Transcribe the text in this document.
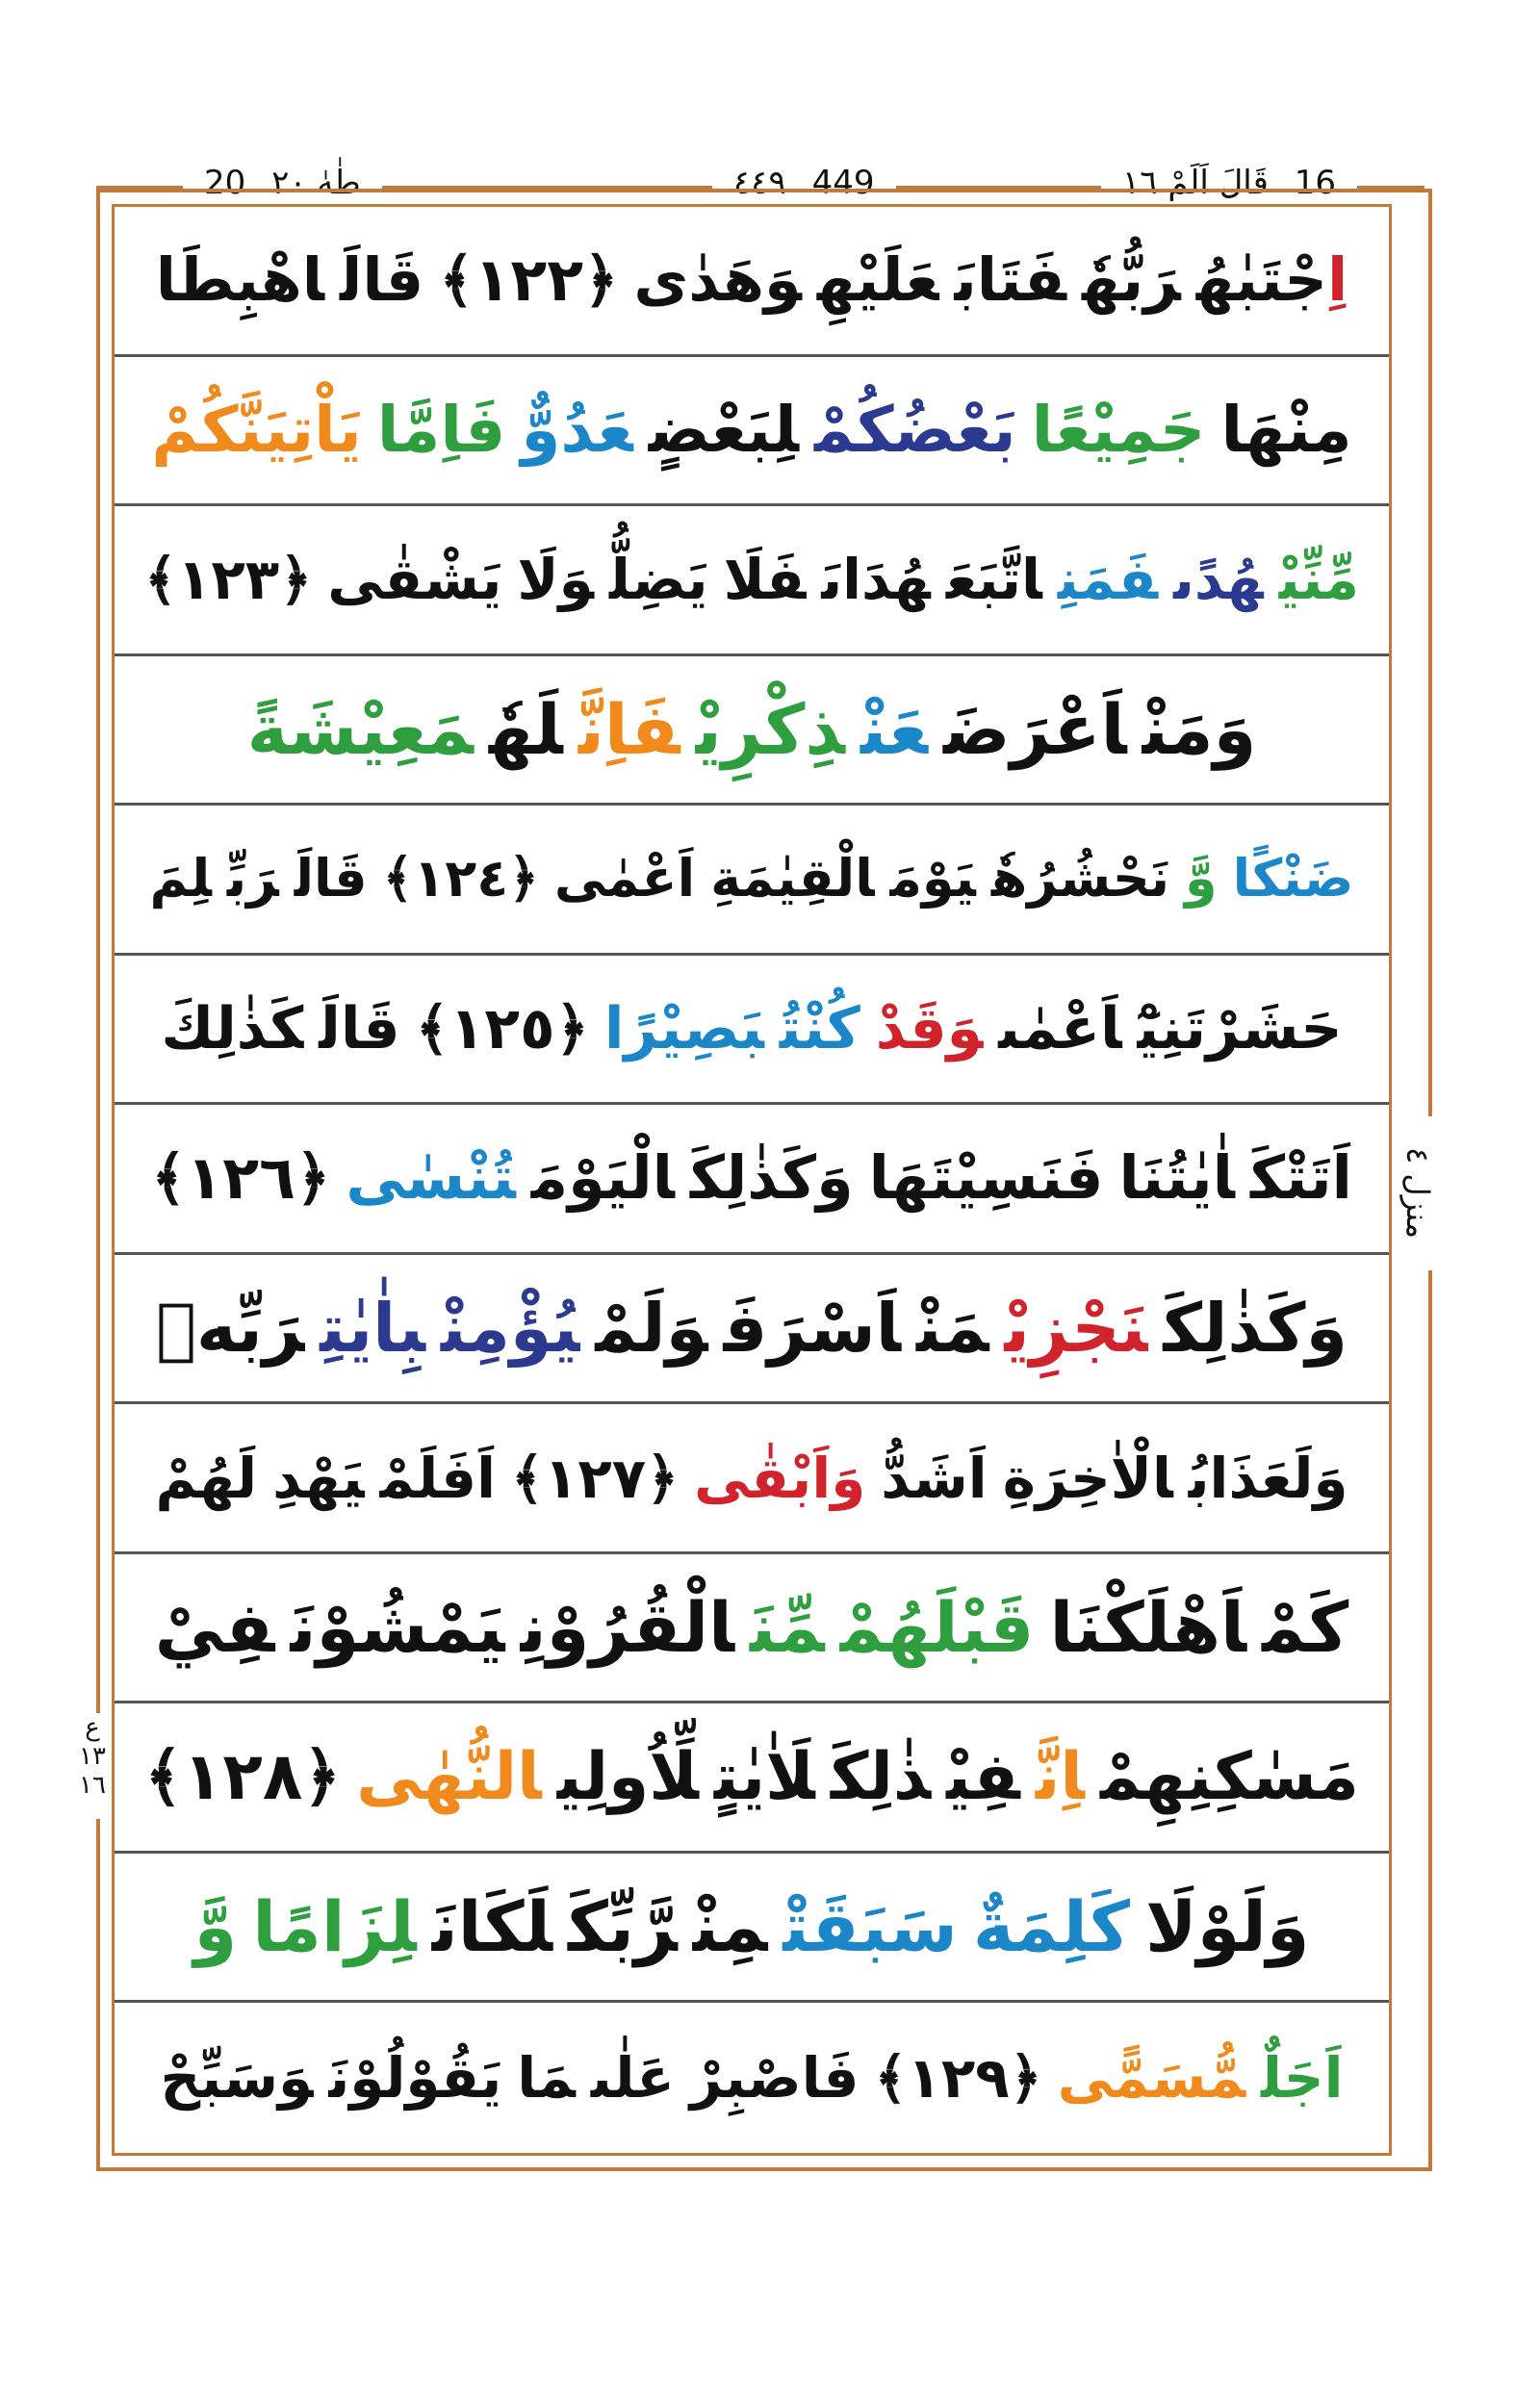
طٰهٰ ٢٠ 20	٤٤٩ 449	16 قَالَ اَلَمْ ١٦
اِجْتَبٰهُرَبُّهٗفَتَابَعَلَيْهِوَهَدٰى﴿١٢٢﴾قَالَاهْبِطَا
مِنْهَاجَمِيْعًابَعْضُكُمْلِبَعْضٍعَدُوٌّفَاِمَّايَاْتِيَنَّكُمْ
مِّنِّيْهُدًىفَمَنِاتَّبَعَهُدَاىَفَلَايَضِلُّوَلَايَشْقٰى﴿١٢٣﴾
وَمَنْاَعْرَضَعَنْذِكْرِيْفَاِنَّلَهٗمَعِيْشَةً
ضَنْكًاوَّنَحْشُرُهٗيَوْمَالْقِيٰمَةِاَعْمٰى﴿١٢٤﴾قَالَرَبِّلِمَ
حَشَرْتَنِيْٓاَعْمٰىوَقَدْكُنْتُبَصِيْرًا﴿١٢٥﴾قَالَكَذٰلِكَ
اَتَتْكَاٰيٰتُنَافَنَسِيْتَهَاوَكَذٰلِكَالْيَوْمَتُنْسٰى﴿١٢٦﴾
وَكَذٰلِكَنَجْزِيْمَنْاَسْرَفَوَلَمْيُؤْمِنْبِاٰيٰتِرَبِّهٖ
وَلَعَذَابُالْاٰخِرَةِاَشَدُّوَاَبْقٰى﴿١٢٧﴾اَفَلَمْيَهْدِلَهُمْ
كَمْاَهْلَكْنَاقَبْلَهُمْمِّنَالْقُرُوْنِيَمْشُوْنَفِيْ
مَسٰكِنِهِمْاِنَّفِيْذٰلِكَلَاٰيٰتٍلِّاُولِيالنُّهٰى﴿١٢٨﴾
وَلَوْلَاكَلِمَةٌسَبَقَتْمِنْرَّبِّكَلَكَانَلِزَامًاوَّ
اَجَلٌمُّسَمًّى﴿١٢٩﴾فَاصْبِرْعَلٰىمَايَقُوْلُوْنَوَسَبِّحْ
منزل ٤
ع ١٣ ١٦
